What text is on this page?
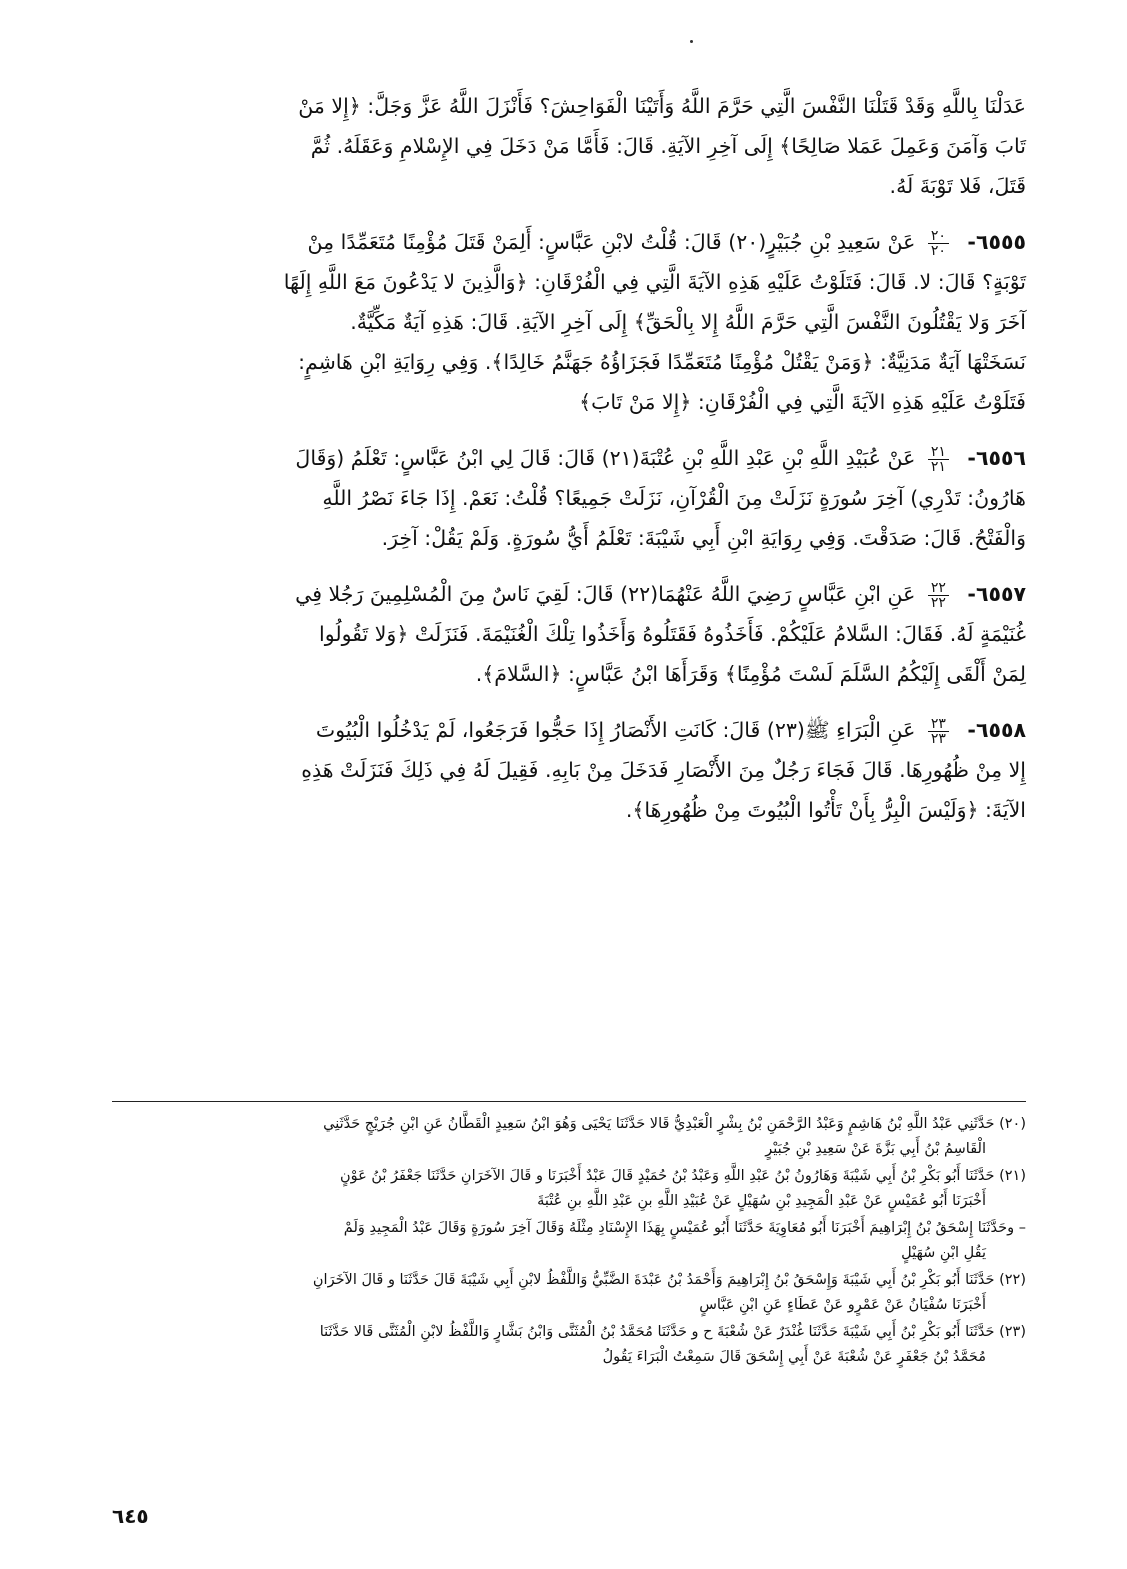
عَدَلْنَا بِاللَّهِ وَقَدْ قَتَلْنَا النَّفْسَ الَّتِي حَرَّمَ اللَّهُ وَأَتَيْنَا الْفَوَاحِشَ؟ فَأَنْزَلَ اللَّهُ عَزَّ وَجَلَّ: ﴿إِلا مَنْ
تَابَ وَآمَنَ وَعَمِلَ عَمَلا صَالِحًا﴾ إِلَى آخِرِ الآيَةِ. قَالَ: فَأَمَّا مَنْ دَخَلَ فِي الإِسْلامِ وَعَقَلَهُ. ثُمَّ
قَتَلَ، فَلا تَوْبَةَ لَهُ.

٦٥٥٥-
$\frac{٢٠}{٢٠}$
عَنْ سَعِيدِ بْنِ جُبَيْرٍ(٢٠) قَالَ: قُلْتُ لابْنِ عَبَّاسٍ: أَلِمَنْ قَتَلَ مُؤْمِنًا مُتَعَمِّدًا مِنْ
تَوْبَةٍ؟ قَالَ: لا. قَالَ: فَتَلَوْتُ عَلَيْهِ هَذِهِ الآيَةَ الَّتِي فِي الْفُرْقَانِ: ﴿وَالَّذِينَ لا يَدْعُونَ مَعَ اللَّهِ إِلَهًا
آخَرَ وَلا يَقْتُلُونَ النَّفْسَ الَّتِي حَرَّمَ اللَّهُ إِلا بِالْحَقِّ﴾ إِلَى آخِرِ الآيَةِ. قَالَ: هَذِهِ آيَةٌ مَكِّيَّةٌ.
نَسَخَتْهَا آيَةٌ مَدَنِيَّةٌ: ﴿وَمَنْ يَقْتُلْ مُؤْمِنًا مُتَعَمِّدًا فَجَزَاؤُهُ جَهَنَّمُ خَالِدًا﴾. وَفِي رِوَايَةِ ابْنِ هَاشِمٍ:
فَتَلَوْتُ عَلَيْهِ هَذِهِ الآيَةَ الَّتِي فِي الْفُرْقَانِ: ﴿إِلا مَنْ تَابَ﴾

٦٥٥٦-
$\frac{٢١}{٢١}$
عَنْ عُبَيْدِ اللَّهِ بْنِ عَبْدِ اللَّهِ بْنِ عُتْبَةَ(٢١) قَالَ: قَالَ لِي ابْنُ عَبَّاسٍ: تَعْلَمُ (وَقَالَ
هَارُونُ: تَدْرِي) آخِرَ سُورَةٍ نَزَلَتْ مِنَ الْقُرْآنِ، نَزَلَتْ جَمِيعًا؟ قُلْتُ: نَعَمْ. إِذَا جَاءَ نَصْرُ اللَّهِ
وَالْفَتْحُ. قَالَ: صَدَقْتَ. وَفِي رِوَايَةِ ابْنِ أَبِي شَيْبَةَ: تَعْلَمُ أَيُّ سُورَةٍ. وَلَمْ يَقُلْ: آخِرَ.

٦٥٥٧-
$\frac{٢٢}{٢٢}$
عَنِ ابْنِ عَبَّاسٍ رَضِيَ اللَّهُ عَنْهُمَا(٢٢) قَالَ: لَقِيَ نَاسٌ مِنَ الْمُسْلِمِينَ رَجُلا فِي
غُنَيْمَةٍ لَهُ. فَقَالَ: السَّلامُ عَلَيْكُمْ. فَأَخَذُوهُ فَقَتَلُوهُ وَأَخَذُوا تِلْكَ الْغُنَيْمَةَ. فَنَزَلَتْ ﴿وَلا تَقُولُوا
لِمَنْ أَلْقَى إِلَيْكُمُ السَّلَمَ لَسْتَ مُؤْمِنًا﴾ وَقَرَأَهَا ابْنُ عَبَّاسٍ: ﴿السَّلامَ﴾.

٦٥٥٨-
$\frac{٢٣}{٢٣}$
عَنِ الْبَرَاءِ ﷺ(٢٣) قَالَ: كَانَتِ الأَنْصَارُ إِذَا حَجُّوا فَرَجَعُوا، لَمْ يَدْخُلُوا الْبُيُوتَ
إِلا مِنْ ظُهُورِهَا. قَالَ فَجَاءَ رَجُلٌ مِنَ الأَنْصَارِ فَدَخَلَ مِنْ بَابِهِ. فَقِيلَ لَهُ فِي ذَلِكَ فَنَزَلَتْ هَذِهِ
الآيَةَ: ﴿وَلَيْسَ الْبِرُّ بِأَنْ تَأْتُوا الْبُيُوتَ مِنْ ظُهُورِهَا﴾.

(٢٠) حَدَّثَنِي عَبْدُ اللَّهِ بْنُ هَاشِمٍ وَعَبْدُ الرَّحْمَنِ بْنُ بِشْرٍ الْعَبْدِيُّ قَالا حَدَّثَنَا يَحْيَى وَهُوَ ابْنُ سَعِيدٍ الْقَطَّانُ عَنِ ابْنِ جُرَيْجٍ حَدَّثَنِي
الْقَاسِمُ بْنُ أَبِي بَزَّةَ عَنْ سَعِيدِ بْنِ جُبَيْرٍ

(٢١) حَدَّثَنَا أَبُو بَكْرِ بْنُ أَبِي شَيْبَةَ وَهَارُونُ بْنُ عَبْدِ اللَّهِ وَعَبْدُ بْنُ حُمَيْدٍ قَالَ عَبْدٌ أَخْبَرَنَا و قَالَ الآخَرَانِ حَدَّثَنَا جَعْفَرُ بْنُ عَوْنٍ
أَخْبَرَنَا أَبُو عُمَيْسٍ عَنْ عَبْدِ الْمَجِيدِ بْنِ سُهَيْلٍ عَنْ عُبَيْدِ اللَّهِ بنِ عَبْدِ اللَّهِ بنِ عُتْبَةَ

– وحَدَّثَنَا إِسْحَقُ بْنُ إِبْرَاهِيمَ أَخْبَرَنَا أَبُو مُعَاوِيَةَ حَدَّثَنَا أَبُو عُمَيْسٍ بِهَذَا الإِسْنَادِ مِثْلَهُ وَقَالَ آخِرَ سُورَةٍ وَقَالَ عَبْدُ الْمَجِيدِ وَلَمْ
يَقُلِ ابْنِ سُهَيْلٍ

(٢٢) حَدَّثَنَا أَبُو بَكْرِ بْنُ أَبِي شَيْبَةَ وَإِسْحَقُ بْنُ إِبْرَاهِيمَ وَأَحْمَدُ بْنُ عَبْدَةَ الضَّبِّيُّ وَاللَّفْظُ لابْنِ أَبِي شَيْبَةَ قَالَ حَدَّثَنَا و قَالَ الآخَرَانِ
أَخْبَرَنَا سُفْيَانُ عَنْ عَمْرٍو عَنْ عَطَاءٍ عَنِ ابْنِ عَبَّاسٍ

(٢٣) حَدَّثَنَا أَبُو بَكْرِ بْنُ أَبِي شَيْبَةَ حَدَّثَنَا غُنْدَرٌ عَنْ شُعْبَةَ ح و حَدَّثَنَا مُحَمَّدُ بْنُ الْمُثَنَّى وَابْنُ بَشَّارٍ وَاللَّفْظُ لابْنِ الْمُثَنَّى قَالا حَدَّثَنَا
مُحَمَّدُ بْنُ جَعْفَرٍ عَنْ شُعْبَةَ عَنْ أَبِي إِسْحَقَ قَالَ سَمِعْتُ الْبَرَاءَ يَقُولُ

٦٤٥
